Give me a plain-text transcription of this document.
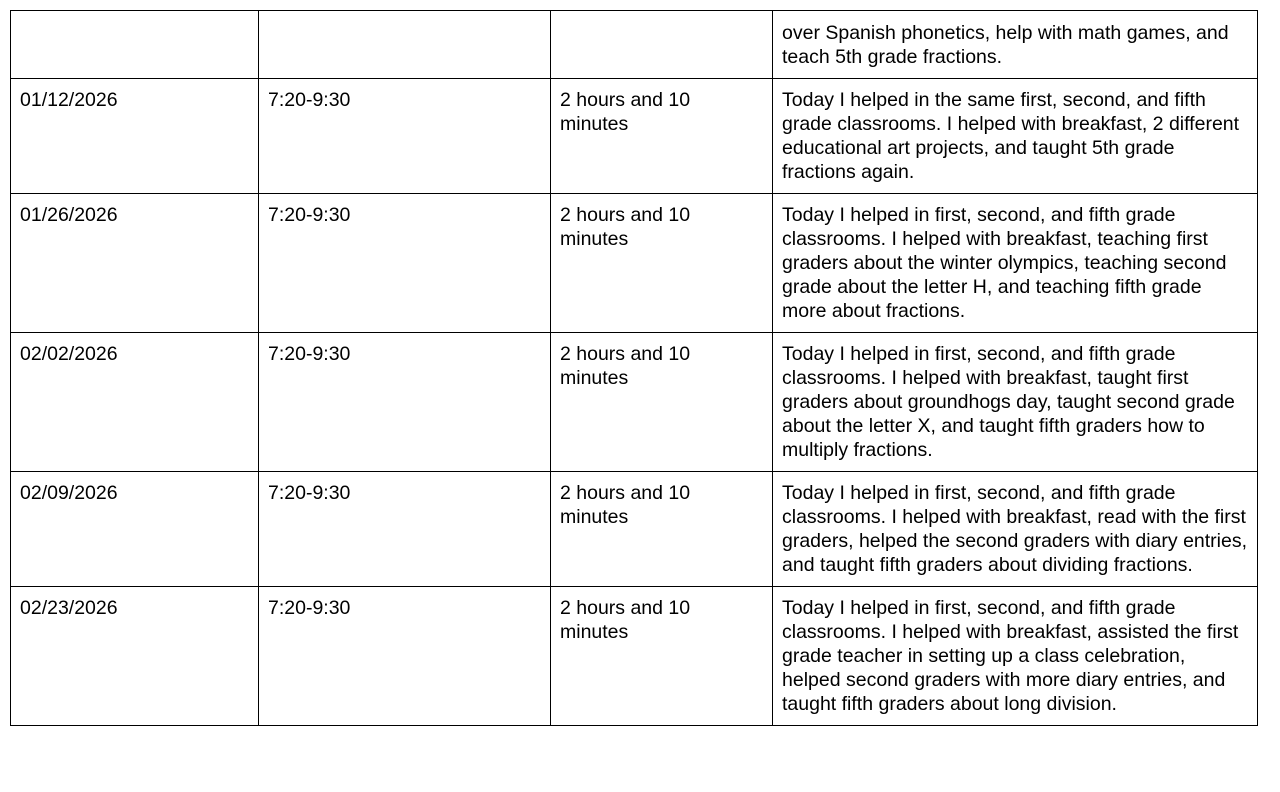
			over Spanish phonetics, help with math games, and teach 5th grade fractions.
01/12/2026	7:20-9:30	2 hours and 10 minutes	Today I helped in the same first, second, and fifth grade classrooms. I helped with breakfast, 2 different educational art projects, and taught 5th grade fractions again.
01/26/2026	7:20-9:30	2 hours and 10 minutes	Today I helped in first, second, and fifth grade classrooms. I helped with breakfast, teaching first graders about the winter olympics, teaching second grade about the letter H, and teaching fifth grade more about fractions.
02/02/2026	7:20-9:30	2 hours and 10 minutes	Today I helped in first, second, and fifth grade classrooms. I helped with breakfast, taught first graders about groundhogs day, taught second grade about the letter X, and taught fifth graders how to multiply fractions.
02/09/2026	7:20-9:30	2 hours and 10 minutes	Today I helped in first, second, and fifth grade classrooms. I helped with breakfast, read with the first graders, helped the second graders with diary entries, and taught fifth graders about dividing fractions.
02/23/2026	7:20-9:30	2 hours and 10 minutes	Today I helped in first, second, and fifth grade classrooms. I helped with breakfast, assisted the first grade teacher in setting up a class celebration, helped second graders with more diary entries, and taught fifth graders about long division.
